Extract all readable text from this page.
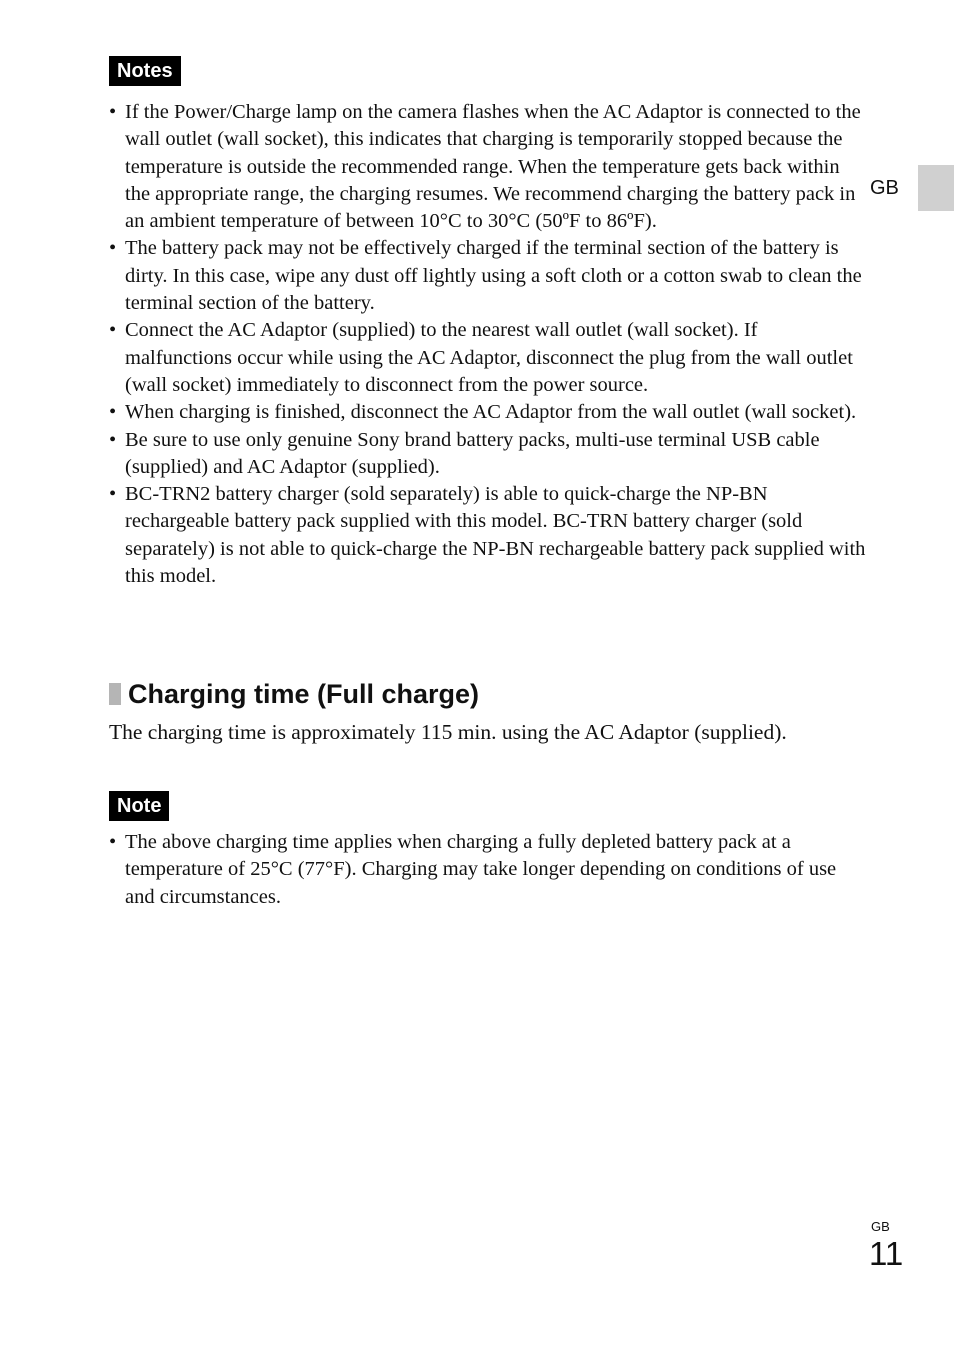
Notes
• If the Power/Charge lamp on the camera flashes when the AC Adaptor is connected to the wall outlet (wall socket), this indicates that charging is temporarily stopped because the temperature is outside the recommended range. When the temperature gets back within the appropriate range, the charging resumes. We recommend charging the battery pack in an ambient temperature of between 10°C to 30°C (50ºF to 86ºF).
• The battery pack may not be effectively charged if the terminal section of the battery is dirty. In this case, wipe any dust off lightly using a soft cloth or a cotton swab to clean the terminal section of the battery.
• Connect the AC Adaptor (supplied) to the nearest wall outlet (wall socket). If malfunctions occur while using the AC Adaptor, disconnect the plug from the wall outlet (wall socket) immediately to disconnect from the power source.
• When charging is finished, disconnect the AC Adaptor from the wall outlet (wall socket).
• Be sure to use only genuine Sony brand battery packs, multi-use terminal USB cable (supplied) and AC Adaptor (supplied).
• BC-TRN2 battery charger (sold separately) is able to quick-charge the NP-BN rechargeable battery pack supplied with this model. BC-TRN battery charger (sold separately) is not able to quick-charge the NP-BN rechargeable battery pack supplied with this model.
Charging time (Full charge)

The charging time is approximately 115 min. using the AC Adaptor (supplied).

Note
• The above charging time applies when charging a fully depleted battery pack at a temperature of 25°C (77°F). Charging may take longer depending on conditions of use and circumstances.
GB
GB
11
